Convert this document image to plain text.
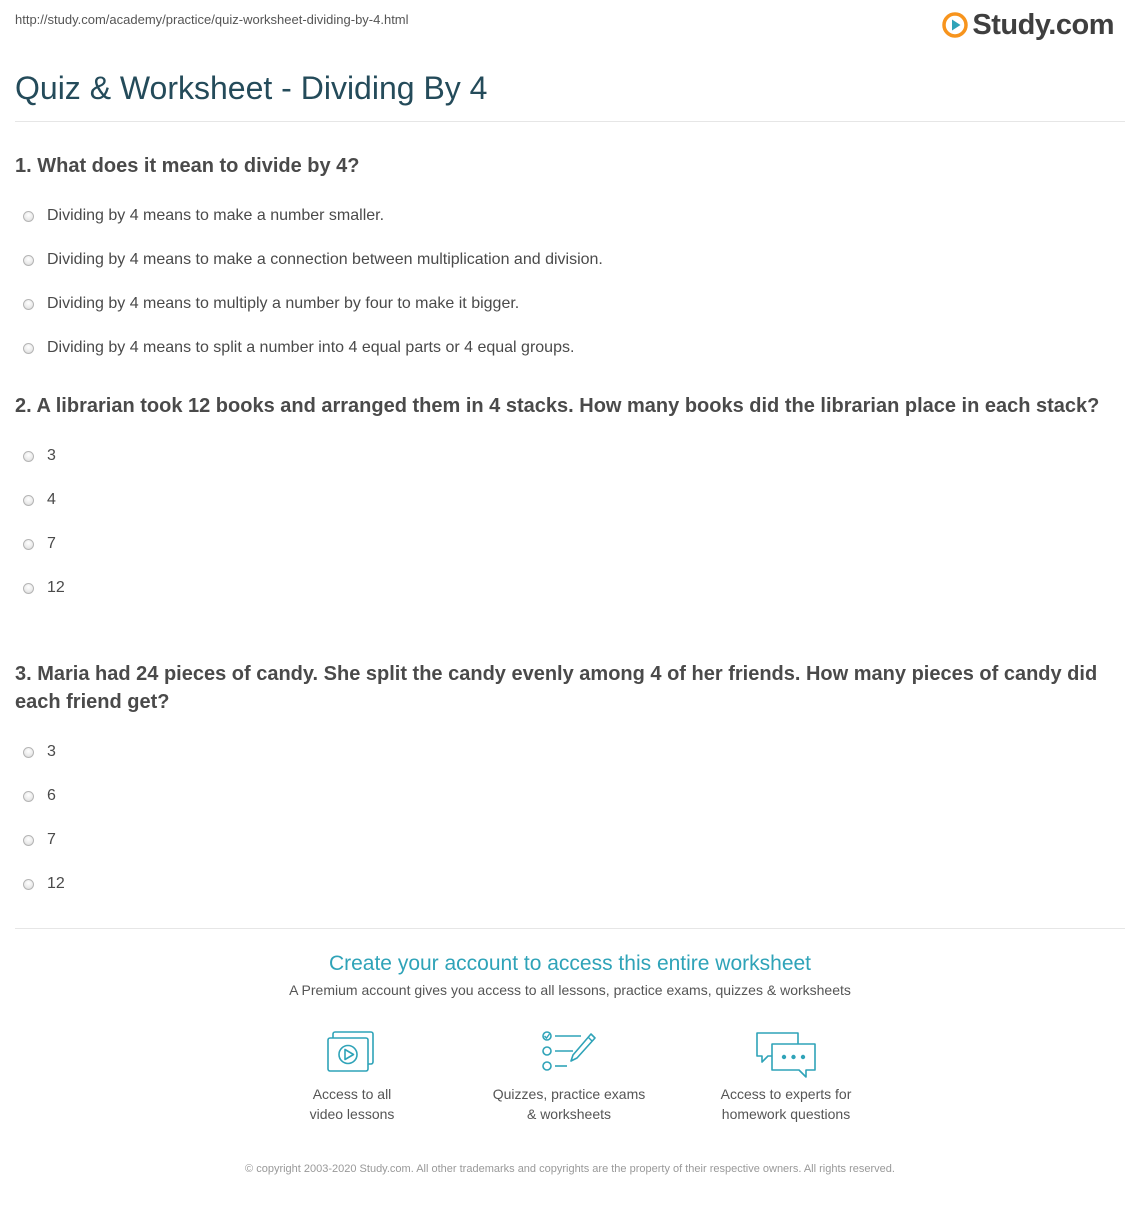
http://study.com/academy/practice/quiz-worksheet-dividing-by-4.html	Study.com
Quiz & Worksheet - Dividing By 4

1. What does it mean to divide by 4?

Dividing by 4 means to make a number smaller.
Dividing by 4 means to make a connection between multiplication and division.
Dividing by 4 means to multiply a number by four to make it bigger.
Dividing by 4 means to split a number into 4 equal parts or 4 equal groups.

2. A librarian took 12 books and arranged them in 4 stacks. How many books did the librarian place in each stack?

3
4
7
12

3. Maria had 24 pieces of candy. She split the candy evenly among 4 of her friends. How many pieces of candy did each friend get?

3
6
7
12
Create your account to access this entire worksheet
A Premium account gives you access to all lessons, practice exams, quizzes & worksheets
Access to all
video lessons
Quizzes, practice exams
& worksheets
Access to experts for
homework questions
© copyright 2003-2020 Study.com. All other trademarks and copyrights are the property of their respective owners. All rights reserved.
